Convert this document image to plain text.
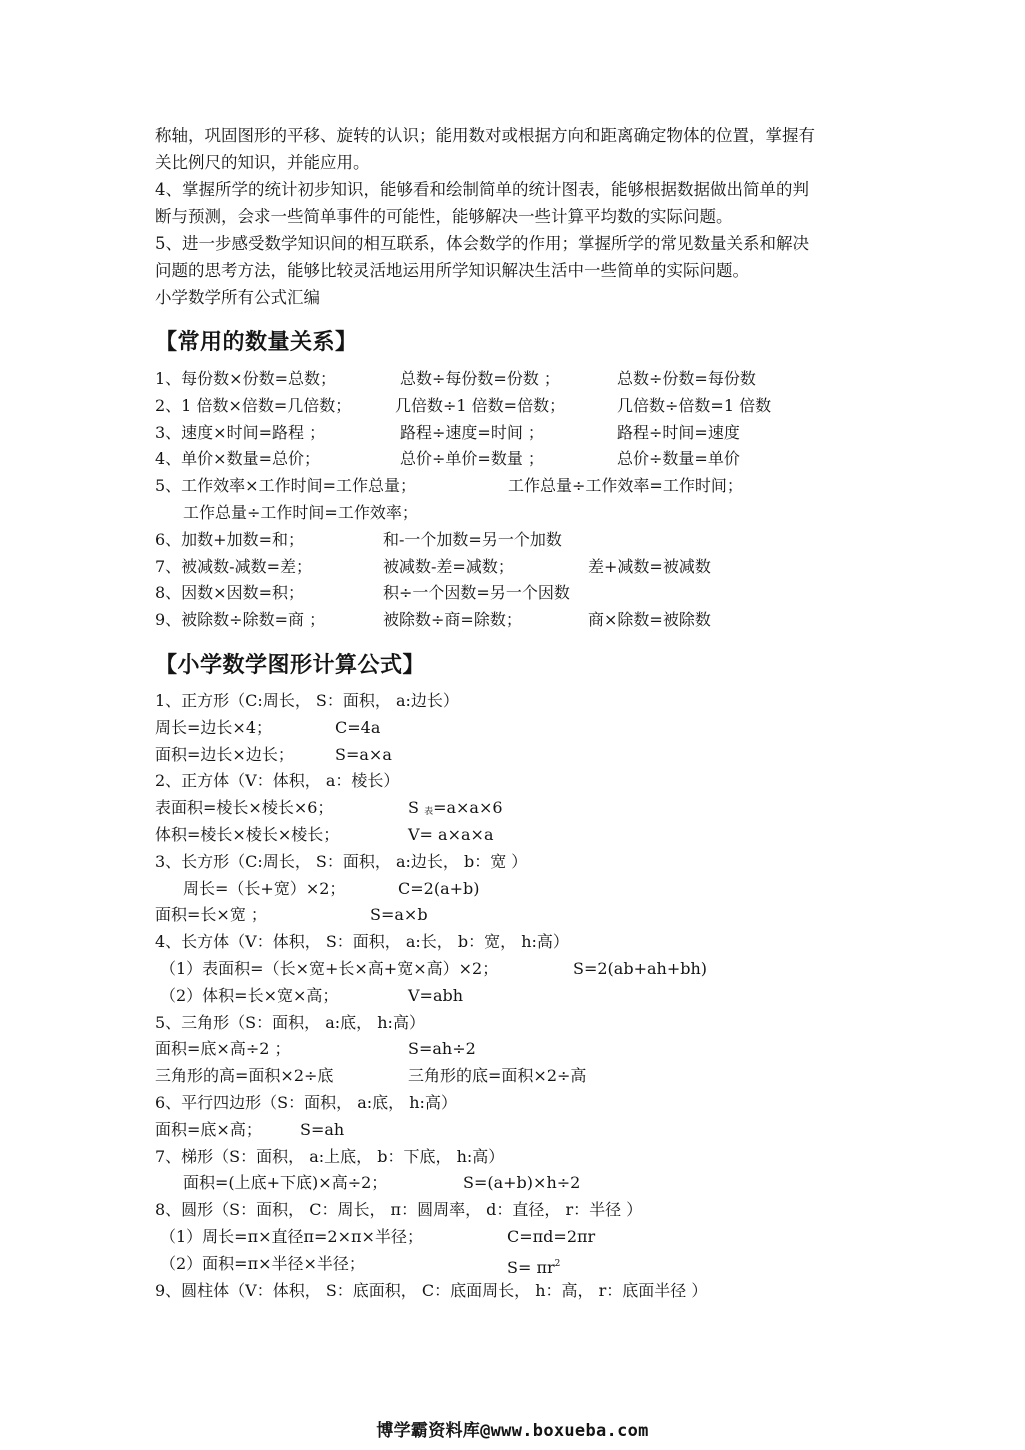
称轴，巩固图形的平移、旋转的认识；能用数对或根据方向和距离确定物体的位置，掌握有

关比例尺的知识，并能应用。

4、掌握所学的统计初步知识，能够看和绘制简单的统计图表，能够根据数据做出简单的判

断与预测，会求一些简单事件的可能性，能够解决一些计算平均数的实际问题。

5、进一步感受数学知识间的相互联系，体会数学的作用；掌握所学的常见数量关系和解决

问题的思考方法，能够比较灵活地运用所学知识解决生活中一些简单的实际问题。

小学数学所有公式汇编

【常用的数量关系】
1、每份数×份数=总数；	总数÷每份数=份数 ；	总数÷份数=每份数
2、1 倍数×倍数=几倍数；	几倍数÷1 倍数=倍数；	几倍数÷倍数=1 倍数
3、速度×时间=路程 ；	路程÷速度=时间 ；	路程÷时间=速度
4、单价×数量=总价；	总价÷单价=数量 ；	总价÷数量=单价
5、工作效率×工作时间=工作总量；	工作总量÷工作效率=工作时间；
工作总量÷工作时间=工作效率；
6、加数+加数=和；	和-一个加数=另一个加数
7、被减数-减数=差；	被减数-差=减数；	差+减数=被减数
8、因数×因数=积；	积÷一个因数=另一个因数
9、被除数÷除数=商 ；	被除数÷商=除数；	商×除数=被除数
【小学数学图形计算公式】
1、正方形（C:周长， S：面积， a:边长）
周长=边长×4；	C=4a
面积=边长×边长；	S=a×a
2、正方体（V：体积， a：棱长）
表面积=棱长×棱长×6；	S $_表$=a×a×6
体积=棱长×棱长×棱长；	V= a×a×a
3、长方形（C:周长， S：面积， a:边长， b：宽 ）
周长=（长+宽）×2；	C=2(a+b)
面积=长×宽 ；	S=a×b
4、长方体（V：体积， S：面积， a:长， b：宽， h:高）
（1）表面积=（长×宽+长×高+宽×高）×2；	S=2(ab+ah+bh)
（2）体积=长×宽×高；	V=abh
5、三角形（S：面积， a:底， h:高）
面积=底×高÷2 ；	S=ah÷2
三角形的高=面积×2÷底	三角形的底=面积×2÷高
6、平行四边形（S：面积， a:底， h:高）
面积=底×高； S=ah
7、梯形（S：面积， a:上底， b：下底， h:高）
面积=(上底+下底)×高÷2；	S=(a+b)×h÷2
8、圆形（S：面积， C：周长， π：圆周率， d：直径， r：半径 ）
（1）周长=π×直径π=2×π×半径；	C=πd=2πr
（2）面积=π×半径×半径；	$S= \pi r^2$
9、圆柱体（V：体积， S：底面积， C：底面周长， h：高， r：底面半径 ）
博学霸资料库@www.boxueba.com
